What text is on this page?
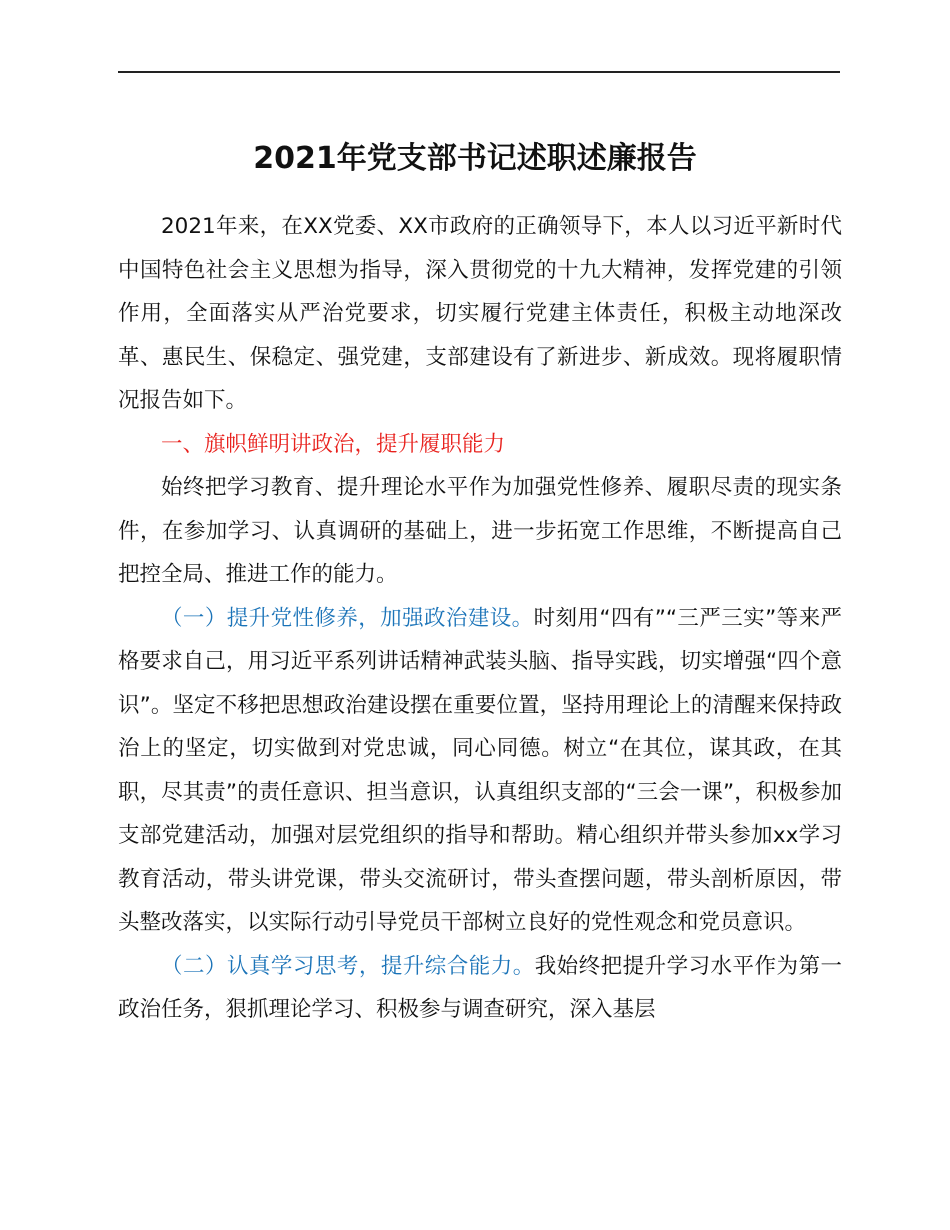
2021年党支部书记述职述廉报告

2021年来，在XX党委、XX市政府的正确领导下，本人以习近平新时代中国特色社会主义思想为指导，深入贯彻党的十九大精神，发挥党建的引领作用，全面落实从严治党要求，切实履行党建主体责任，积极主动地深改革、惠民生、保稳定、强党建，支部建设有了新进步、新成效。现将履职情况报告如下。

一、旗帜鲜明讲政治，提升履职能力

始终把学习教育、提升理论水平作为加强党性修养、履职尽责的现实条件，在参加学习、认真调研的基础上，进一步拓宽工作思维，不断提高自己把控全局、推进工作的能力。

（一）提升党性修养，加强政治建设。时刻用“四有”“三严三实”等来严格要求自己，用习近平系列讲话精神武装头脑、指导实践，切实增强“四个意识”。坚定不移把思想政治建设摆在重要位置，坚持用理论上的清醒来保持政治上的坚定，切实做到对党忠诚，同心同德。树立“在其位，谋其政，在其职，尽其责”的责任意识、担当意识，认真组织支部的“三会一课”，积极参加支部党建活动，加强对层党组织的指导和帮助。精心组织并带头参加xx学习教育活动，带头讲党课，带头交流研讨，带头查摆问题，带头剖析原因，带头整改落实，以实际行动引导党员干部树立良好的党性观念和党员意识。

（二）认真学习思考，提升综合能力。我始终把提升学习水平作为第一政治任务，狠抓理论学习、积极参与调查研究，深入基层
